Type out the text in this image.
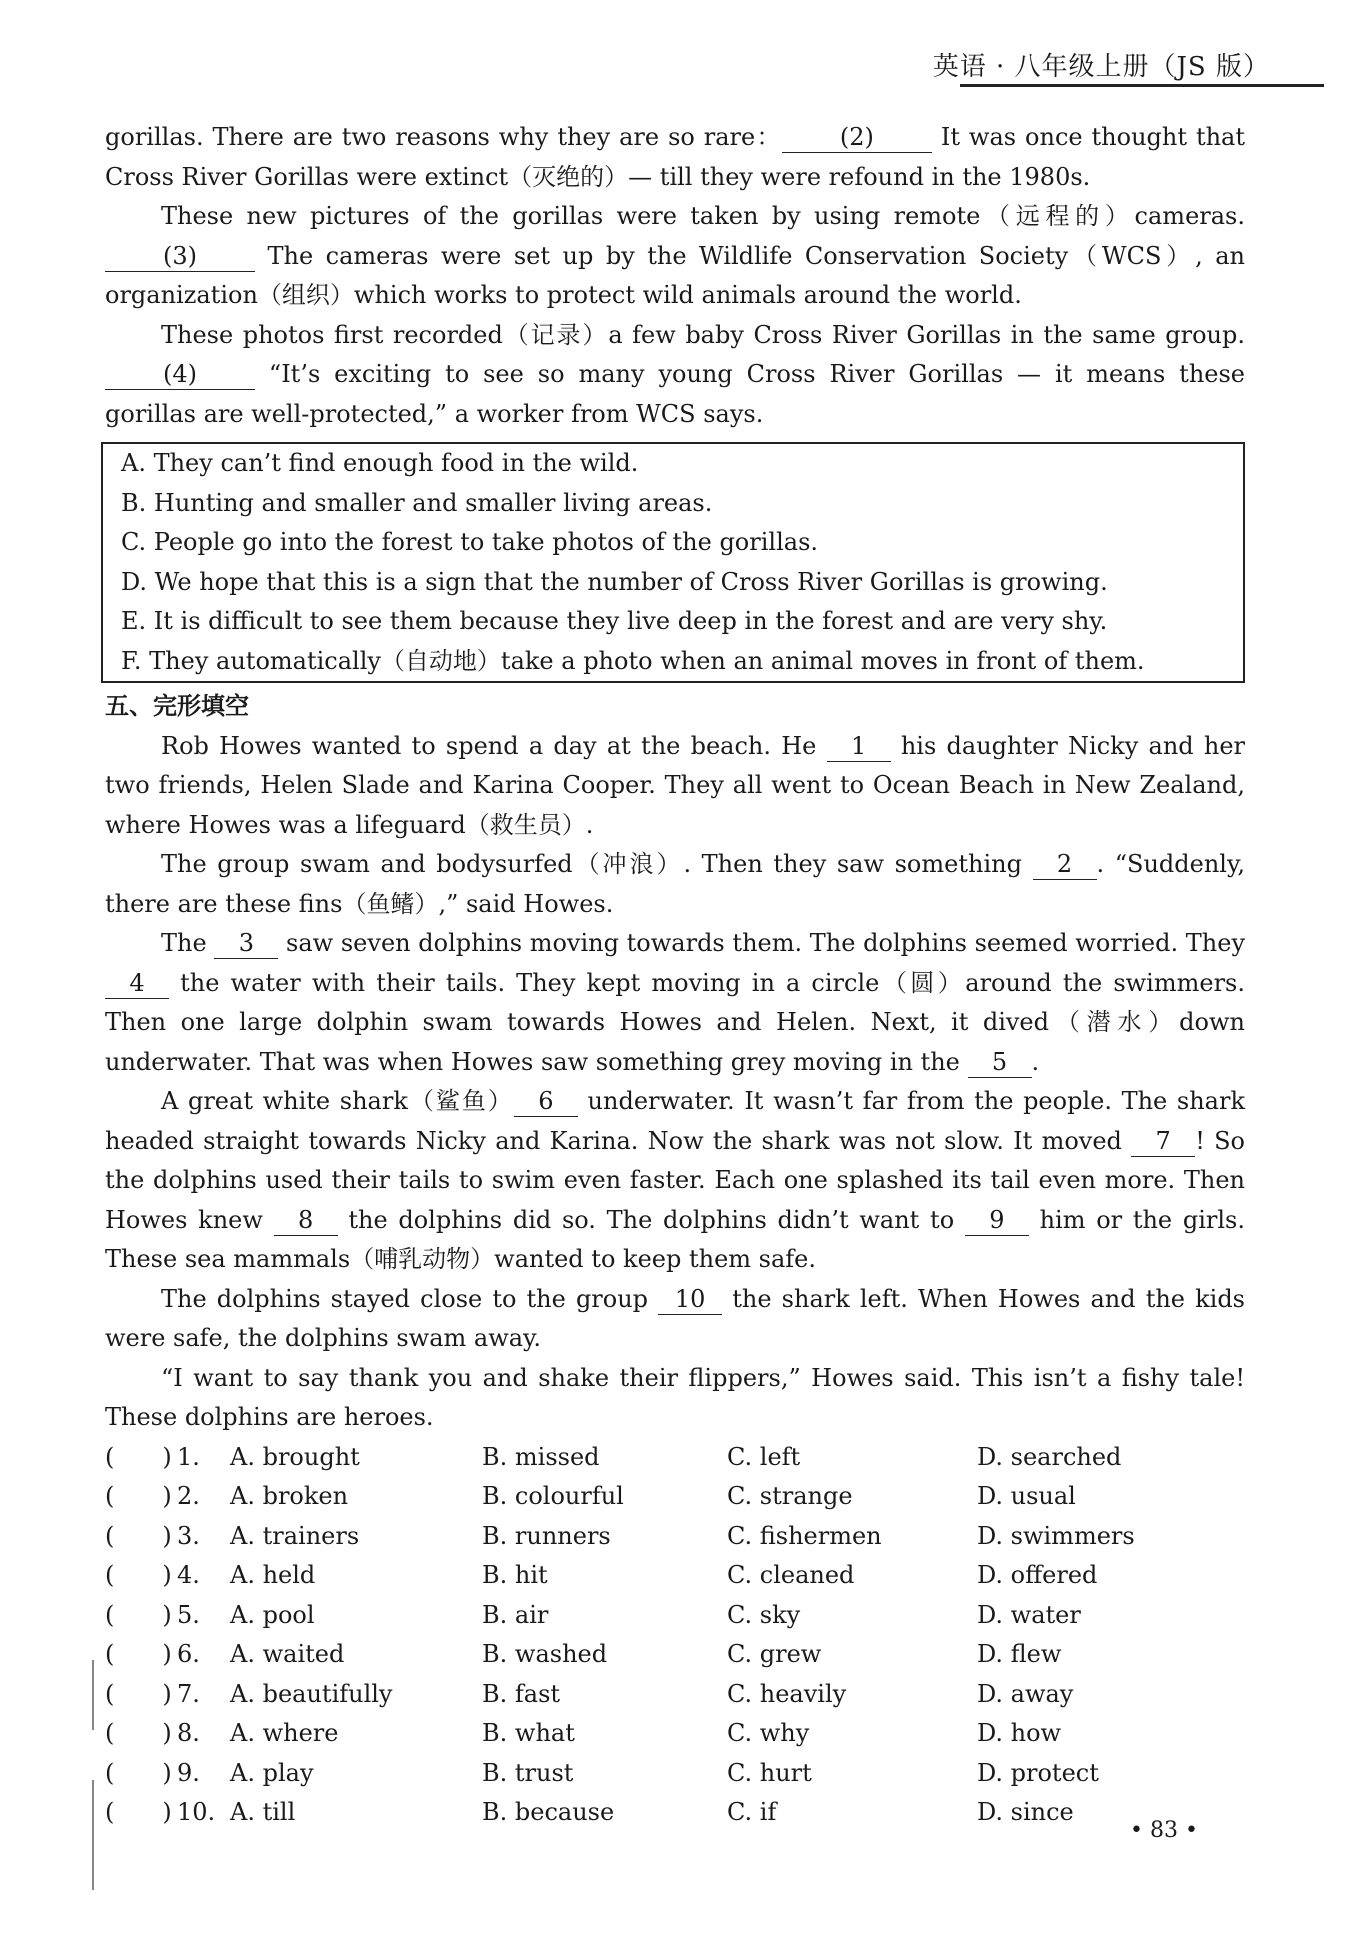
英语 · 八年级上册（JS 版）

gorillas. There are two reasons why they are so rare： (2) It was once thought that Cross River Gorillas were extinct（灭绝的）— till they were refound in the 1980s.

These new pictures of the gorillas were taken by using remote（远程的）cameras. (3) The cameras were set up by the Wildlife Conservation Society（WCS）, an organization（组织）which works to protect wild animals around the world.

These photos first recorded（记录）a few baby Cross River Gorillas in the same group. (4) “It’s exciting to see so many young Cross River Gorillas — it means these gorillas are well-protected,” a worker from WCS says.

A. They can’t find enough food in the wild.
B. Hunting and smaller and smaller living areas.
C. People go into the forest to take photos of the gorillas.
D. We hope that this is a sign that the number of Cross River Gorillas is growing.
E. It is difficult to see them because they live deep in the forest and are very shy.
F. They automatically（自动地）take a photo when an animal moves in front of them.
五、完形填空

Rob Howes wanted to spend a day at the beach. He 1 his daughter Nicky and her two friends, Helen Slade and Karina Cooper. They all went to Ocean Beach in New Zealand, where Howes was a lifeguard（救生员）.

The group swam and bodysurfed（冲浪）. Then they saw something 2 . “Suddenly, there are these fins（鱼鳍）,” said Howes.

The 3 saw seven dolphins moving towards them. The dolphins seemed worried. They 4 the water with their tails. They kept moving in a circle（圆）around the swimmers. Then one large dolphin swam towards Howes and Helen. Next, it dived（潜水）down underwater. That was when Howes saw something grey moving in the 5 .

A great white shark（鲨鱼） 6 underwater. It wasn’t far from the people. The shark headed straight towards Nicky and Karina. Now the shark was not slow. It moved 7 ! So the dolphins used their tails to swim even faster. Each one splashed its tail even more. Then Howes knew 8 the dolphins did so. The dolphins didn’t want to 9 him or the girls. These sea mammals（哺乳动物）wanted to keep them safe.

The dolphins stayed close to the group 10 the shark left. When Howes and the kids were safe, the dolphins swam away.

“I want to say thank you and shake their flippers,” Howes said. This isn’t a fishy tale! These dolphins are heroes.

(　　) 1. A. brought	B. missed	C. left	D. searched
(　　) 2. A. broken	B. colourful	C. strange	D. usual
(　　) 3. A. trainers	B. runners	C. fishermen	D. swimmers
(　　) 4. A. held	B. hit	C. cleaned	D. offered
(　　) 5. A. pool	B. air	C. sky	D. water
(　　) 6. A. waited	B. washed	C. grew	D. flew
(　　) 7. A. beautifully	B. fast	C. heavily	D. away
(　　) 8. A. where	B. what	C. why	D. how
(　　) 9. A. play	B. trust	C. hurt	D. protect
(　　) 10. A. till	B. because	C. if	D. since
• 83 •
